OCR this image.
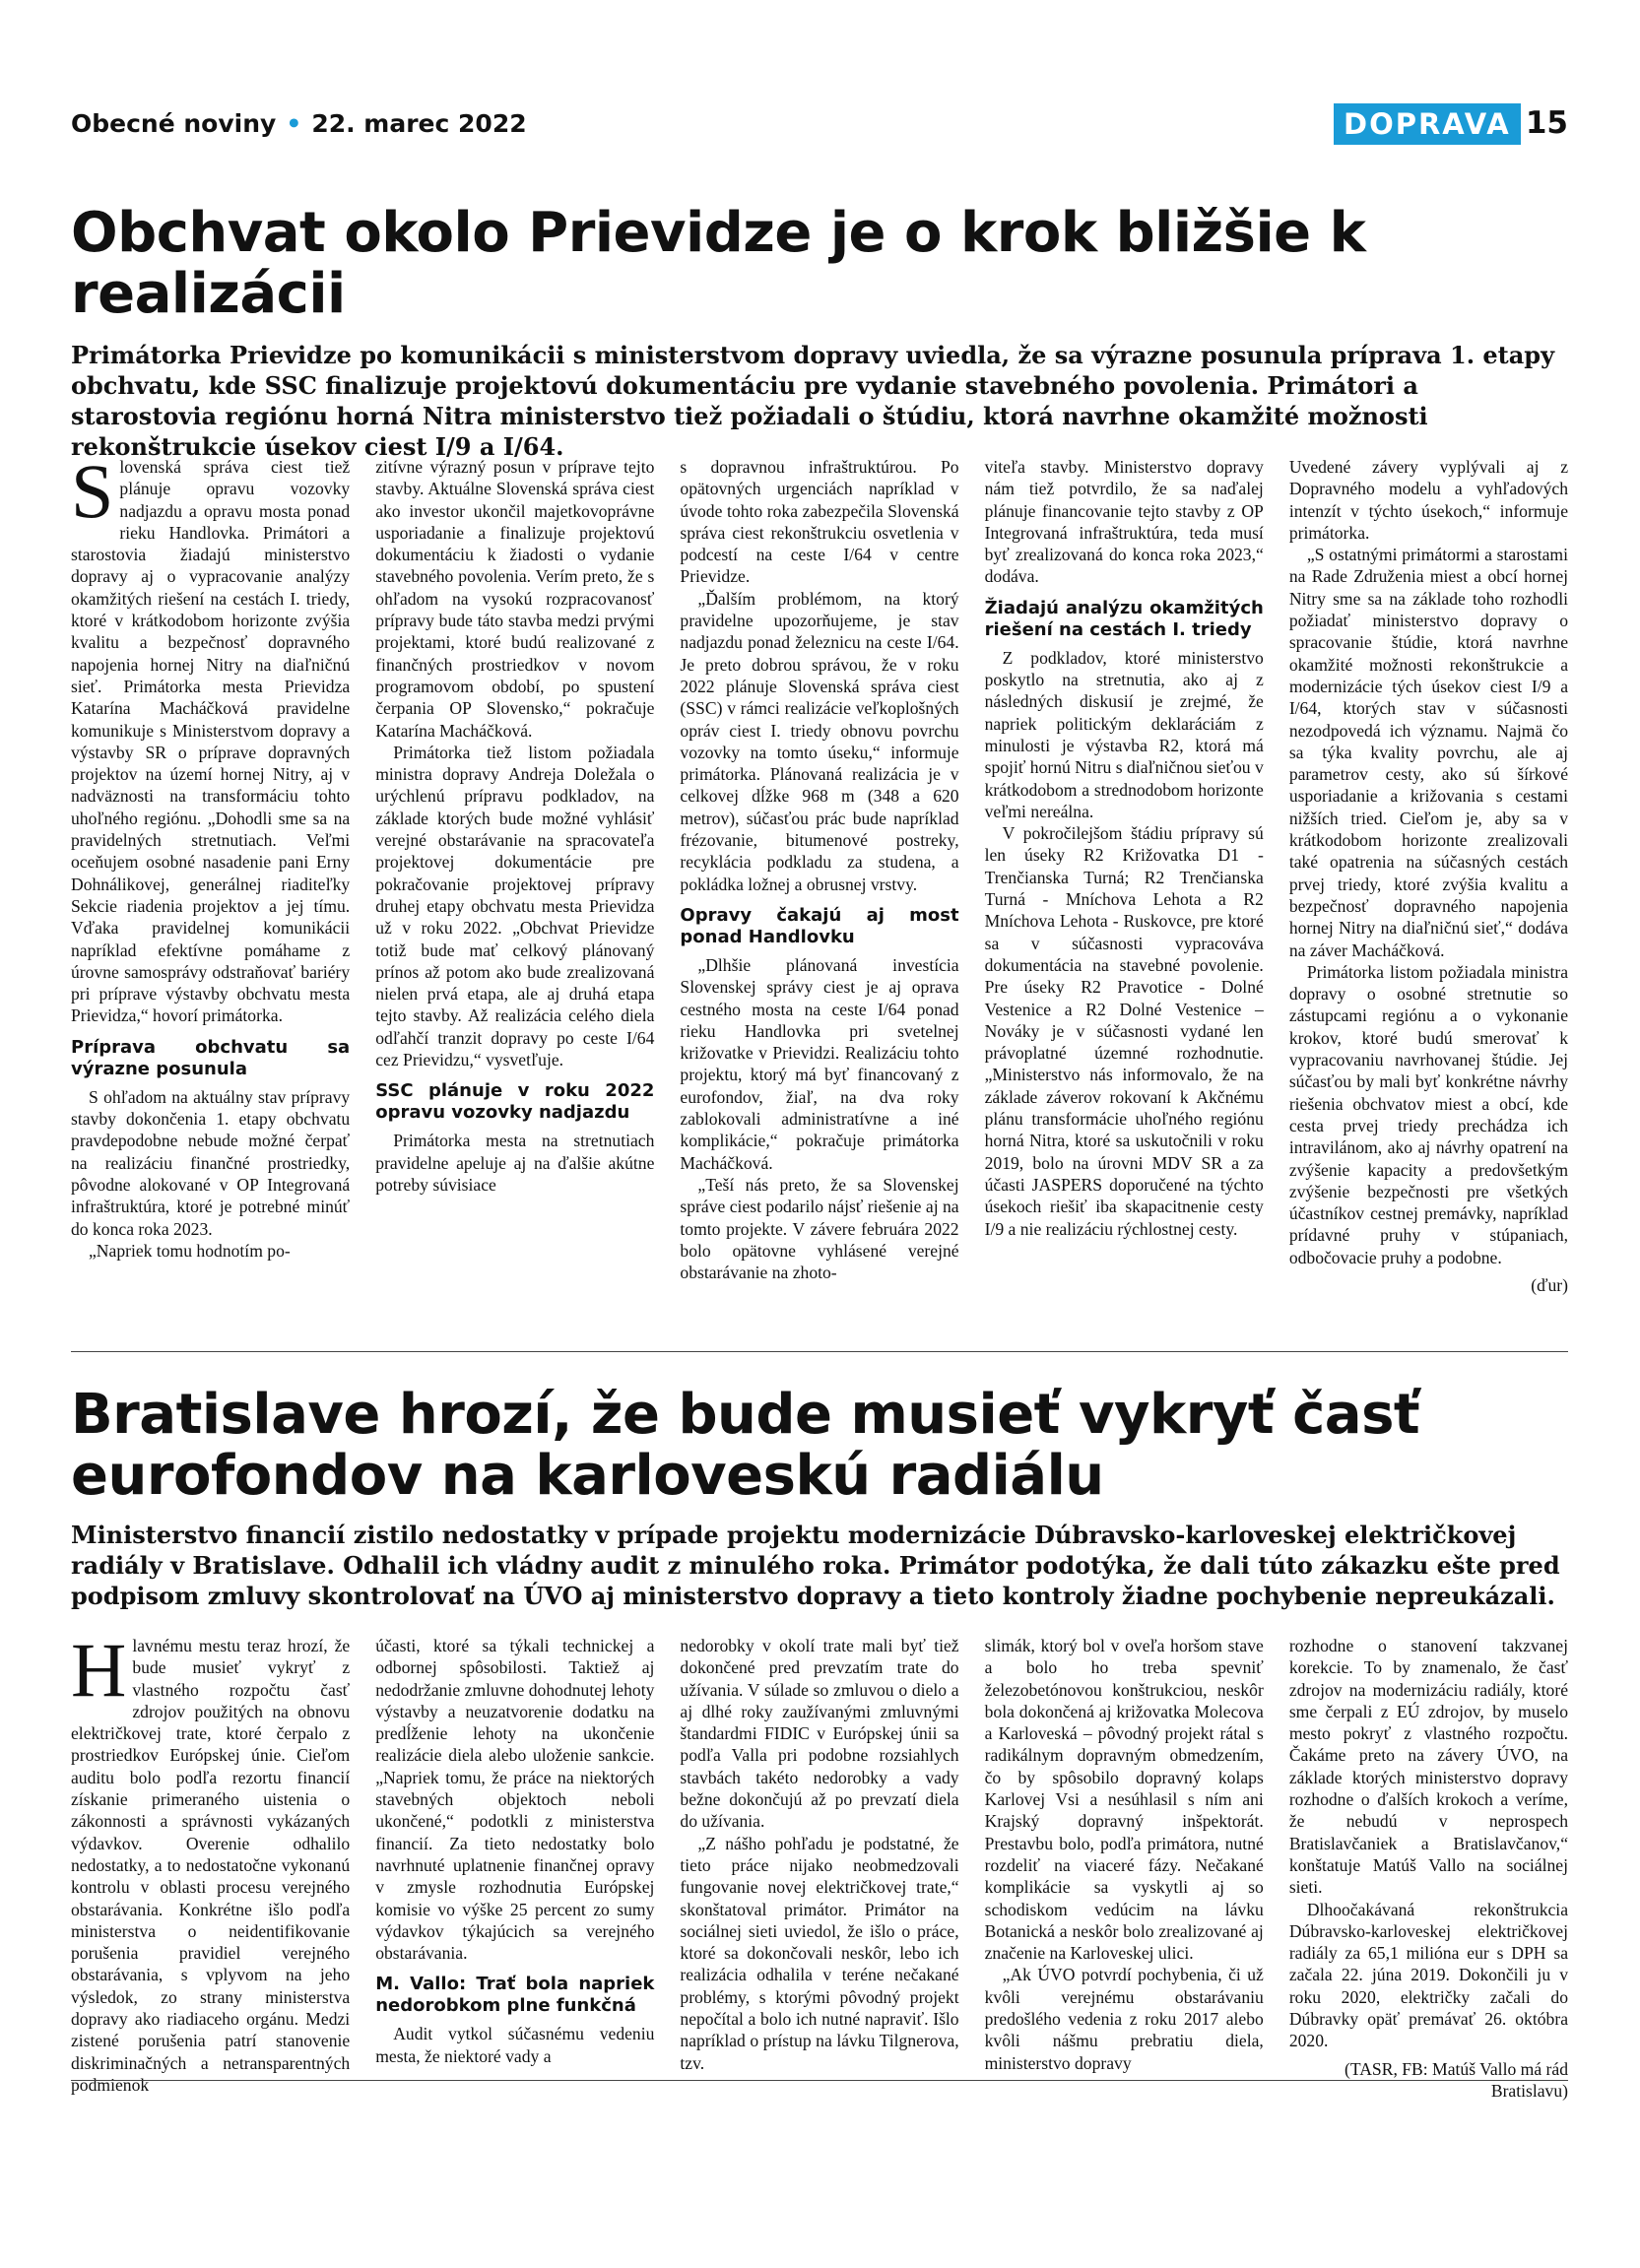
Obecné noviny • 22. marec 2022	DOPRAVA 15
Obchvat okolo Prievidze je o krok bližšie k realizácii

Primátorka Prievidze po komunikácii s ministerstvom dopravy uviedla, že sa výrazne posunula príprava 1. etapy obchvatu, kde SSC finalizuje projektovú dokumentáciu pre vydanie stavebného povolenia. Primátori a starostovia regiónu horná Nitra ministerstvo tiež požiadali o štúdiu, ktorá navrhne okamžité možnosti rekonštrukcie úsekov ciest I/9 a I/64.

Slovenská správa ciest tiež plánuje opravu vozovky nadjazdu a opravu mosta ponad rieku Handlovka. Primátori a starostovia žiadajú ministerstvo dopravy aj o vypracovanie analýzy okamžitých riešení na cestách I. triedy, ktoré v krátkodobom horizonte zvýšia kvalitu a bezpečnosť dopravného napojenia hornej Nitry na diaľničnú sieť. Primátorka mesta Prievidza Katarína Macháčková pravidelne komunikuje s Ministerstvom dopravy a výstavby SR o príprave dopravných projektov na území hornej Nitry, aj v nadväznosti na transformáciu tohto uhoľného regiónu. „Dohodli sme sa na pravidelných stretnutiach. Veľmi oceňujem osobné nasadenie pani Erny Dohnálikovej, generálnej riaditeľky Sekcie riadenia projektov a jej tímu. Vďaka pravidelnej komunikácii napríklad efektívne pomáhame z úrovne samosprávy odstraňovať bariéry pri príprave výstavby obchvatu mesta Prievidza,“ hovorí primátorka.

Príprava obchvatu sa výrazne posunula

S ohľadom na aktuálny stav prípravy stavby dokončenia 1. etapy obchvatu pravdepodobne nebude možné čerpať na realizáciu finančné prostriedky, pôvodne alokované v OP Integrovaná infraštruktúra, ktoré je potrebné minúť do konca roka 2023.

„Napriek tomu hodnotím po-

zitívne výrazný posun v príprave tejto stavby. Aktuálne Slovenská správa ciest ako investor ukončil majetkovoprávne usporiadanie a finalizuje projektovú dokumentáciu k žiadosti o vydanie stavebného povolenia. Verím preto, že s ohľadom na vysokú rozpracovanosť prípravy bude táto stavba medzi prvými projektami, ktoré budú realizované z finančných prostriedkov v novom programovom období, po spustení čerpania OP Slovensko,“ pokračuje Katarína Macháčková.

Primátorka tiež listom požiadala ministra dopravy Andreja Doležala o urýchlenú prípravu podkladov, na základe ktorých bude možné vyhlásiť verejné obstarávanie na spracovateľa projektovej dokumentácie pre pokračovanie projektovej prípravy druhej etapy obchvatu mesta Prievidza už v roku 2022. „Obchvat Prievidze totiž bude mať celkový plánovaný prínos až potom ako bude zrealizovaná nielen prvá etapa, ale aj druhá etapa tejto stavby. Až realizácia celého diela odľahčí tranzit dopravy po ceste I/64 cez Prievidzu,“ vysvetľuje.

SSC plánuje v roku 2022 opravu vozovky nadjazdu

Primátorka mesta na stretnutiach pravidelne apeluje aj na ďalšie akútne potreby súvisiace

s dopravnou infraštruktúrou. Po opätovných urgenciách napríklad v úvode tohto roka zabezpečila Slovenská správa ciest rekonštrukciu osvetlenia v podcestí na ceste I/64 v centre Prievidze.

„Ďalším problémom, na ktorý pravidelne upozorňujeme, je stav nadjazdu ponad železnicu na ceste I/64. Je preto dobrou správou, že v roku 2022 plánuje Slovenská správa ciest (SSC) v rámci realizácie veľkoplošných opráv ciest I. triedy obnovu povrchu vozovky na tomto úseku,“ informuje primátorka. Plánovaná realizácia je v celkovej dĺžke 968 m (348 a 620 metrov), súčasťou prác bude napríklad frézovanie, bitumenové postreky, recyklácia podkladu za studena, a pokládka ložnej a obrusnej vrstvy.

Opravy čakajú aj most ponad Handlovku

„Dlhšie plánovaná investícia Slovenskej správy ciest je aj oprava cestného mosta na ceste I/64 ponad rieku Handlovka pri svetelnej križovatke v Prievidzi. Realizáciu tohto projektu, ktorý má byť financovaný z eurofondov, žiaľ, na dva roky zablokovali administratívne a iné komplikácie,“ pokračuje primátorka Macháčková.

„Teší nás preto, že sa Slovenskej správe ciest podarilo nájsť riešenie aj na tomto projekte. V závere februára 2022 bolo opätovne vyhlásené verejné obstarávanie na zhoto-

viteľa stavby. Ministerstvo dopravy nám tiež potvrdilo, že sa naďalej plánuje financovanie tejto stavby z OP Integrovaná infraštruktúra, teda musí byť zrealizovaná do konca roka 2023,“ dodáva.

Žiadajú analýzu okamžitých riešení na cestách I. triedy

Z podkladov, ktoré ministerstvo poskytlo na stretnutia, ako aj z následných diskusií je zrejmé, že napriek politickým deklaráciám z minulosti je výstavba R2, ktorá má spojiť hornú Nitru s diaľničnou sieťou v krátkodobom a strednodobom horizonte veľmi nereálna.

V pokročilejšom štádiu prípravy sú len úseky R2 Križovatka D1 - Trenčianska Turná; R2 Trenčianska Turná - Mníchova Lehota a R2 Mníchova Lehota - Ruskovce, pre ktoré sa v súčasnosti vypracováva dokumentácia na stavebné povolenie. Pre úseky R2 Pravotice - Dolné Vestenice a R2 Dolné Vestenice – Nováky je v súčasnosti vydané len právoplatné územné rozhodnutie. „Ministerstvo nás informovalo, že na základe záverov rokovaní k Akčnému plánu transformácie uhoľného regiónu horná Nitra, ktoré sa uskutočnili v roku 2019, bolo na úrovni MDV SR a za účasti JASPERS doporučené na týchto úsekoch riešiť iba skapacitnenie cesty I/9 a nie realizáciu rýchlostnej cesty.

Uvedené závery vyplývali aj z Dopravného modelu a vyhľadových intenzít v týchto úsekoch,“ informuje primátorka.

„S ostatnými primátormi a starostami na Rade Združenia miest a obcí hornej Nitry sme sa na základe toho rozhodli požiadať ministerstvo dopravy o spracovanie štúdie, ktorá navrhne okamžité možnosti rekonštrukcie a modernizácie tých úsekov ciest I/9 a I/64, ktorých stav v súčasnosti nezodpovedá ich významu. Najmä čo sa týka kvality povrchu, ale aj parametrov cesty, ako sú šírkové usporiadanie a križovania s cestami nižších tried. Cieľom je, aby sa v krátkodobom horizonte zrealizovali také opatrenia na súčasných cestách prvej triedy, ktoré zvýšia kvalitu a bezpečnosť dopravného napojenia hornej Nitry na diaľničnú sieť,“ dodáva na záver Macháčková.

Primátorka listom požiadala ministra dopravy o osobné stretnutie so zástupcami regiónu a o vykonanie krokov, ktoré budú smerovať k vypracovaniu navrhovanej štúdie. Jej súčasťou by mali byť konkrétne návrhy riešenia obchvatov miest a obcí, kde cesta prvej triedy prechádza ich intravilánom, ako aj návrhy opatrení na zvýšenie kapacity a predovšetkým zvýšenie bezpečnosti pre všetkých účastníkov cestnej premávky, napríklad prídavné pruhy v stúpaniach, odbočovacie pruhy a podobne.

(ďur)

Bratislave hrozí, že bude musieť vykryť časť eurofondov na karloveskú radiálu

Ministerstvo financií zistilo nedostatky v prípade projektu modernizácie Dúbravsko-karloveskej električkovej radiály v Bratislave. Odhalil ich vládny audit z minulého roka. Primátor podotýka, že dali túto zákazku ešte pred podpisom zmluvy skontrolovať na ÚVO aj ministerstvo dopravy a tieto kontroly žiadne pochybenie nepreukázali.

Hlavnému mestu teraz hrozí, že bude musieť vykryť z vlastného rozpočtu časť zdrojov použitých na obnovu električkovej trate, ktoré čerpalo z prostriedkov Európskej únie. Cieľom auditu bolo podľa rezortu financií získanie primeraného uistenia o zákonnosti a správnosti vykázaných výdavkov. Overenie odhalilo nedostatky, a to nedostatočne vykonanú kontrolu v oblasti procesu verejného obstarávania. Konkrétne išlo podľa ministerstva o neidentifikovanie porušenia pravidiel verejného obstarávania, s vplyvom na jeho výsledok, zo strany ministerstva dopravy ako riadiaceho orgánu. Medzi zistené porušenia patrí stanovenie diskriminačných a netransparentných podmienok

účasti, ktoré sa týkali technickej a odbornej spôsobilosti. Taktiež aj nedodržanie zmluvne dohodnutej lehoty výstavby a neuzatvorenie dodatku na predĺženie lehoty na ukončenie realizácie diela alebo uloženie sankcie. „Napriek tomu, že práce na niektorých stavebných objektoch neboli ukončené,“ podotkli z ministerstva financií. Za tieto nedostatky bolo navrhnuté uplatnenie finančnej opravy v zmysle rozhodnutia Európskej komisie vo výške 25 percent zo sumy výdavkov týkajúcich sa verejného obstarávania.

M. Vallo: Trať bola napriek nedorobkom plne funkčná

Audit vytkol súčasnému vedeniu mesta, že niektoré vady a

nedorobky v okolí trate mali byť tiež dokončené pred prevzatím trate do užívania. V súlade so zmluvou o dielo a aj dlhé roky zaužívanými zmluvnými štandardmi FIDIC v Európskej únii sa podľa Valla pri podobne rozsiahlych stavbách takéto nedorobky a vady bežne dokončujú až po prevzatí diela do užívania.

„Z nášho pohľadu je podstatné, že tieto práce nijako neobmedzovali fungovanie novej električkovej trate,“ skonštatoval primátor. Primátor na sociálnej sieti uviedol, že išlo o práce, ktoré sa dokončovali neskôr, lebo ich realizácia odhalila v teréne nečakané problémy, s ktorými pôvodný projekt nepočítal a bolo ich nutné napraviť. Išlo napríklad o prístup na lávku Tilgnerova, tzv.

slimák, ktorý bol v oveľa horšom stave a bolo ho treba spevniť železobetónovou konštrukciou, neskôr bola dokončená aj križovatka Molecova a Karloveská – pôvodný projekt rátal s radikálnym dopravným obmedzením, čo by spôsobilo dopravný kolaps Karlovej Vsi a nesúhlasil s ním ani Krajský dopravný inšpektorát. Prestavbu bolo, podľa primátora, nutné rozdeliť na viaceré fázy. Nečakané komplikácie sa vyskytli aj so schodiskom vedúcim na lávku Botanická a neskôr bolo zrealizované aj značenie na Karloveskej ulici.

„Ak ÚVO potvrdí pochybenia, či už kvôli verejnému obstarávaniu predošlého vedenia z roku 2017 alebo kvôli nášmu prebratiu diela, ministerstvo dopravy

rozhodne o stanovení takzvanej korekcie. To by znamenalo, že časť zdrojov na modernizáciu radiály, ktoré sme čerpali z EÚ zdrojov, by muselo mesto pokryť z vlastného rozpočtu. Čakáme preto na závery ÚVO, na základe ktorých ministerstvo dopravy rozhodne o ďalších krokoch a veríme, že nebudú v neprospech Bratislavčaniek a Bratislavčanov,“ konštatuje Matúš Vallo na sociálnej sieti.

Dlhoočakávaná rekonštrukcia Dúbravsko-karloveskej električkovej radiály za 65,1 milióna eur s DPH sa začala 22. júna 2019. Dokončili ju v roku 2020, električky začali do Dúbravky opäť premávať 26. októbra 2020.

(TASR, FB: Matúš Vallo má rád Bratislavu)
